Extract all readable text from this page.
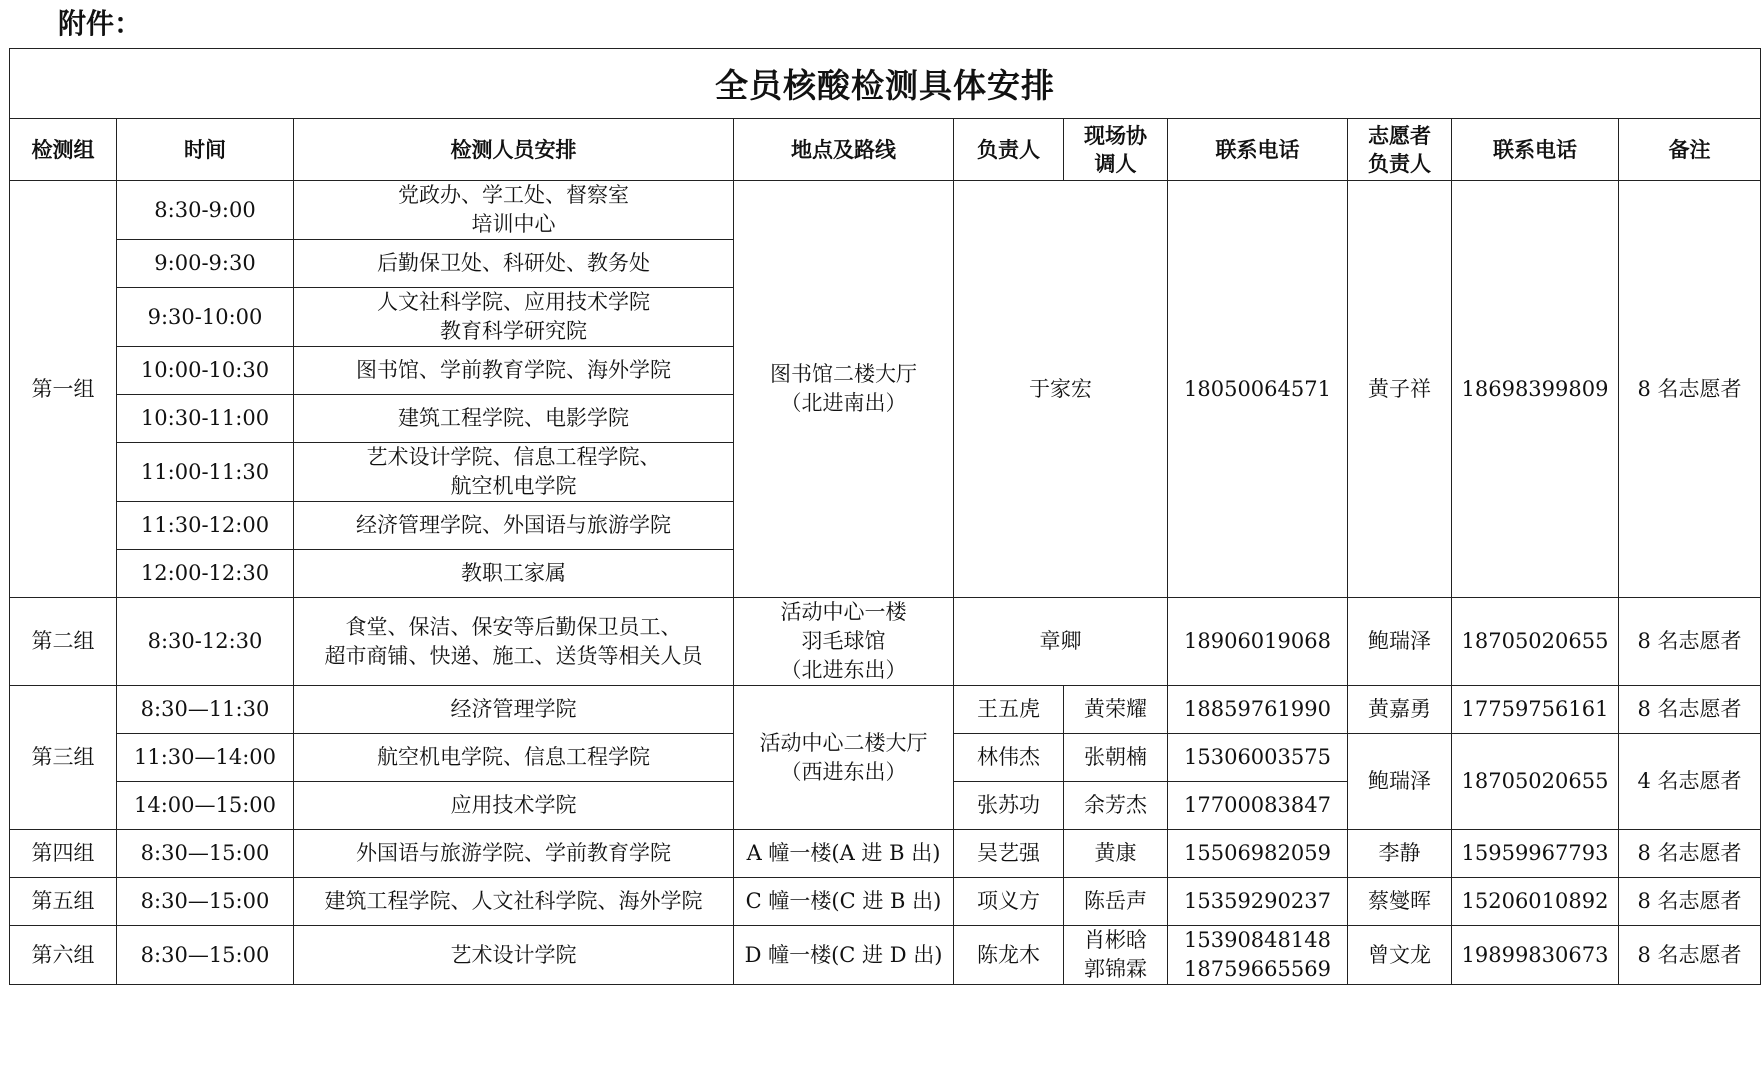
附件：
全员核酸检测具体安排									
检测组	时间	检测人员安排	地点及路线	负责人	现场协
调人	联系电话	志愿者
负责人	联系电话	备注
第一组	8:30-9:00	党政办、学工处、督察室
培训中心	图书馆二楼大厅
（北进南出）	于家宏		18050064571	黄子祥	18698399809	8 名志愿者
	9:00-9:30	后勤保卫处、科研处、教务处							
	9:30-10:00	人文社科学院、应用技术学院
教育科学研究院							

	10:00-10:30	图书馆、学前教育学院、海外学院							
	10:30-11:00	建筑工程学院、电影学院							
	11:00-11:30	艺术设计学院、信息工程学院、
航空机电学院							

	11:30-12:00	经济管理学院、外国语与旅游学院							
	12:00-12:30	教职工家属							
第二组	8:30-12:30	食堂、保洁、保安等后勤保卫员工、
超市商铺、快递、施工、送货等相关人员	活动中心一楼
羽毛球馆
（北进东出）	章卿		18906019068	鲍瑞泽	18705020655	8 名志愿者
第三组	8:30—11:30	经济管理学院	活动中心二楼大厅
（西进东出）	王五虎	黄荣耀	18859761990	黄嘉勇	17759756161	8 名志愿者
	11:30—14:00	航空机电学院、信息工程学院		林伟杰	张朝楠	15306003575	鲍瑞泽	18705020655	4 名志愿者
	14:00—15:00	应用技术学院		张苏功	余芳杰	17700083847			
第四组	8:30—15:00	外国语与旅游学院、学前教育学院	A 幢一楼(A 进 B 出)	吴艺强	黄康	15506982059	李静	15959967793	8 名志愿者
第五组	8:30—15:00	建筑工程学院、人文社科学院、海外学院	C 幢一楼(C 进 B 出)	项义方	陈岳声	15359290237	蔡燮晖	15206010892	8 名志愿者
第六组	8:30—15:00	艺术设计学院	D 幢一楼(C 进 D 出)	陈龙木	肖彬晗
郭锦霖	15390848148
18759665569	曾文龙	19899830673	8 名志愿者
